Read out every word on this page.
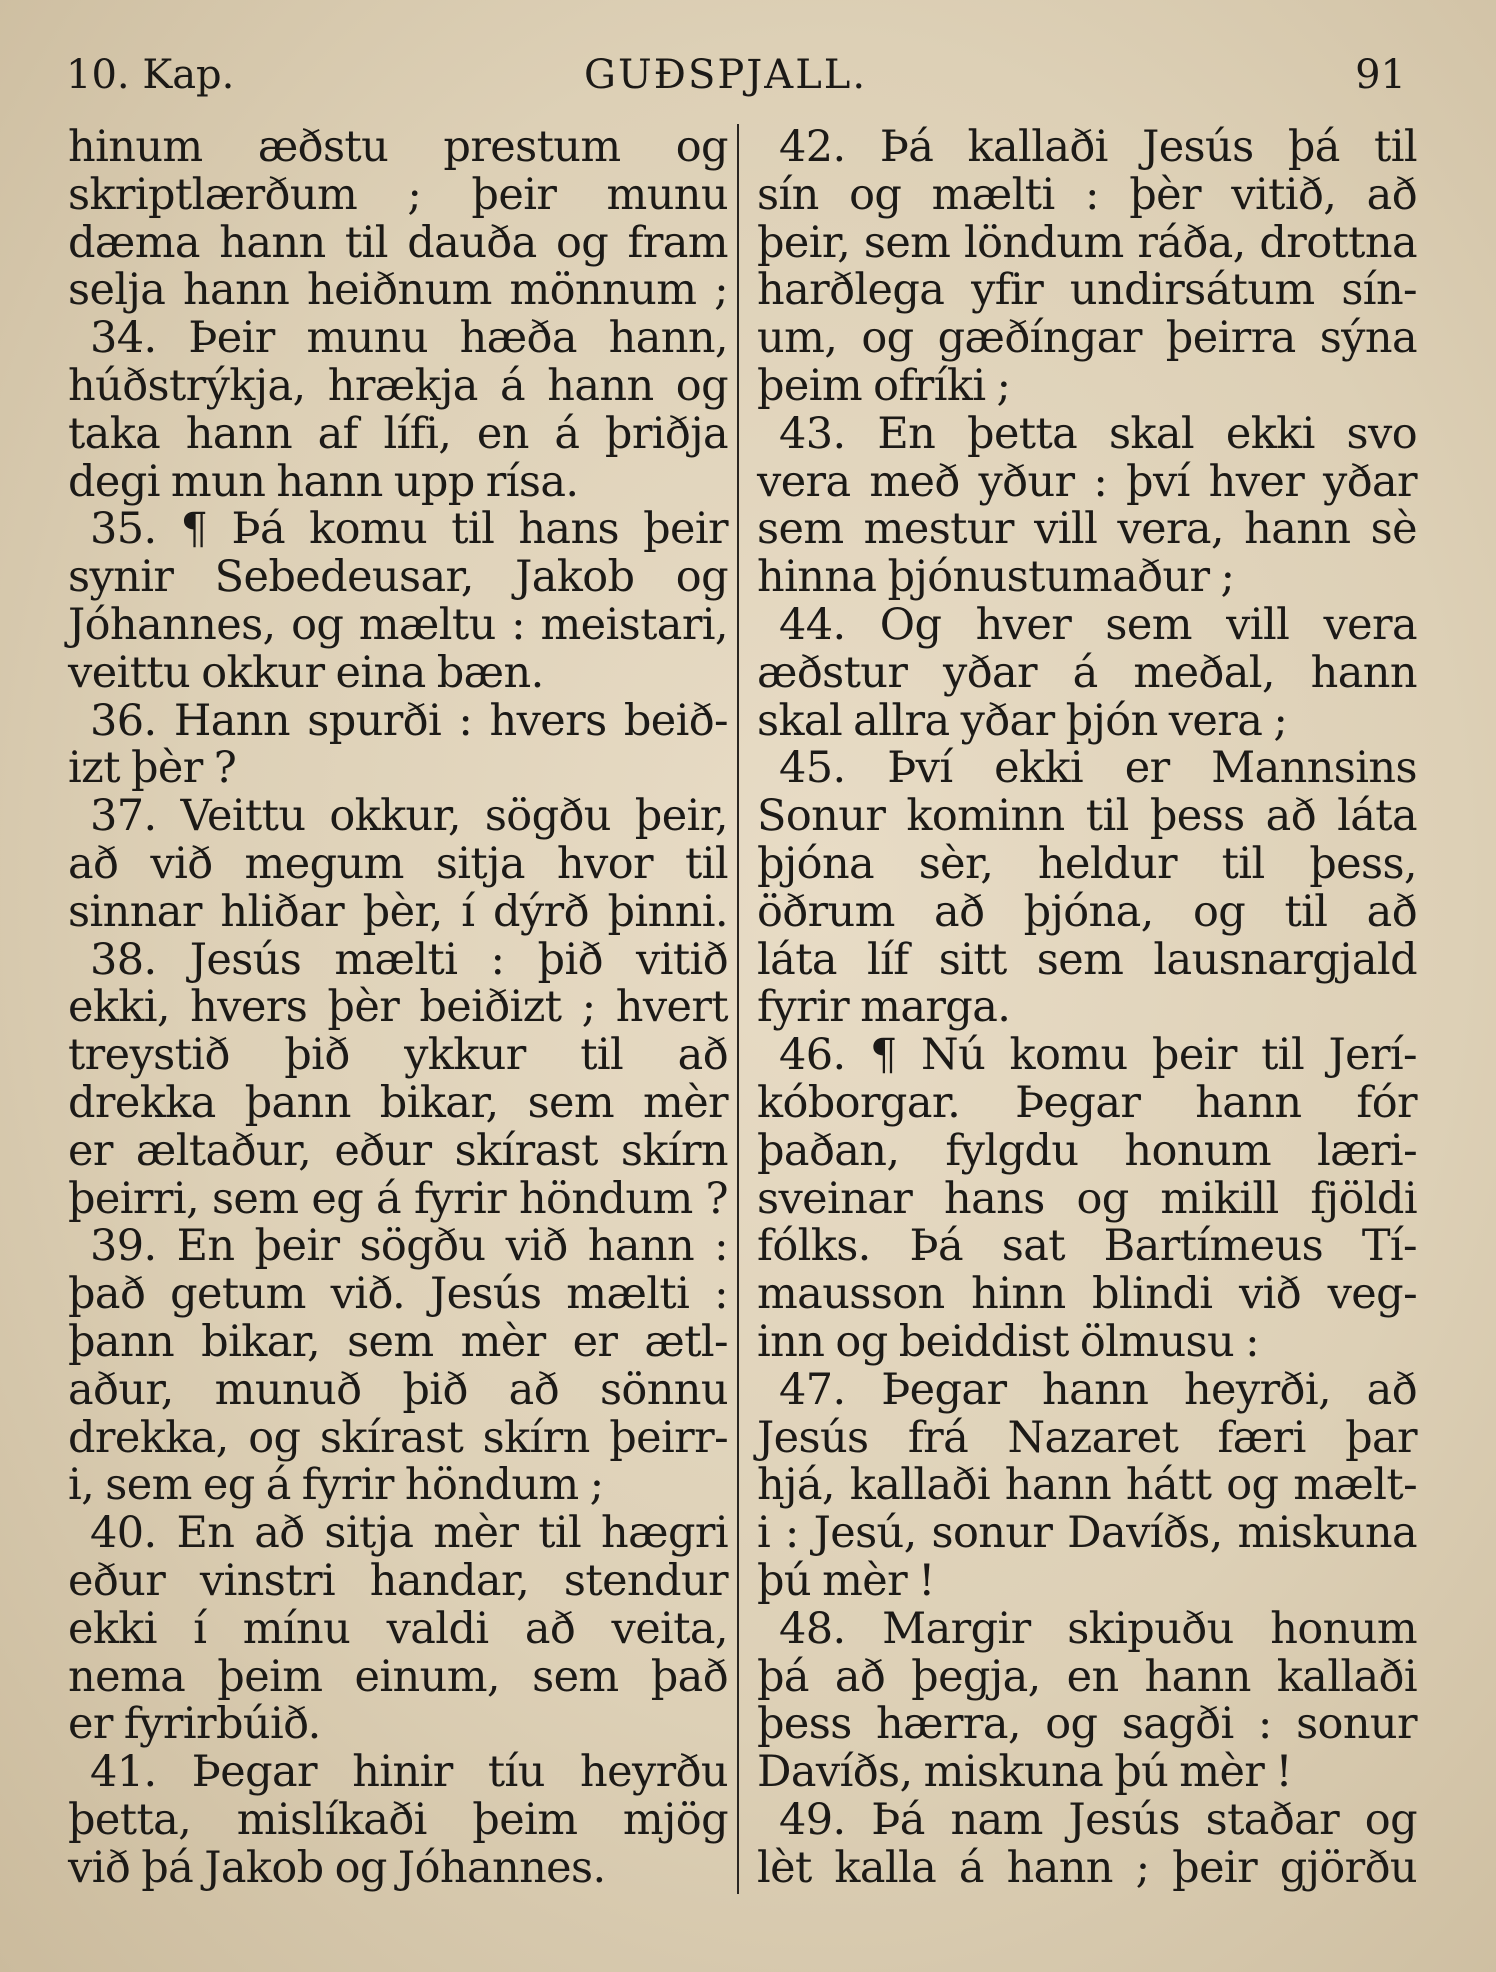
10. Kap.	GUÐSPJALL.	91
hinum æðstu prestum og
skriptlærðum ; þeir munu
dæma hann til dauða og fram
selja hann heiðnum mönnum ;
34. Þeir munu hæða hann,
húðstrýkja, hrækja á hann og
taka hann af lífi, en á þriðja
degi mun hann upp rísa.
35. ¶ Þá komu til hans þeir
synir Sebedeusar, Jakob og
Jóhannes, og mæltu : meistari,
veittu okkur eina bæn.
36. Hann spurði : hvers beið-
izt þèr ?
37. Veittu okkur, sögðu þeir,
að við megum sitja hvor til
sinnar hliðar þèr, í dýrð þinni.
38. Jesús mælti : þið vitið
ekki, hvers þèr beiðizt ; hvert
treystið þið ykkur til að
drekka þann bikar, sem mèr
er æltaður, eður skírast skírn
þeirri, sem eg á fyrir höndum ?
39. En þeir sögðu við hann :
það getum við. Jesús mælti :
þann bikar, sem mèr er ætl-
aður, munuð þið að sönnu
drekka, og skírast skírn þeirr-
i, sem eg á fyrir höndum ;
40. En að sitja mèr til hægri
eður vinstri handar, stendur
ekki í mínu valdi að veita,
nema þeim einum, sem það
er fyrirbúið.
41. Þegar hinir tíu heyrðu
þetta, mislíkaði þeim mjög
við þá Jakob og Jóhannes.
42. Þá kallaði Jesús þá til
sín og mælti : þèr vitið, að
þeir, sem löndum ráða, drottna
harðlega yfir undirsátum sín-
um, og gæðíngar þeirra sýna
þeim ofríki ;
43. En þetta skal ekki svo
vera með yður : því hver yðar
sem mestur vill vera, hann sè
hinna þjónustumaður ;
44. Og hver sem vill vera
æðstur yðar á meðal, hann
skal allra yðar þjón vera ;
45. Því ekki er Mannsins
Sonur kominn til þess að láta
þjóna sèr, heldur til þess,
öðrum að þjóna, og til að
láta líf sitt sem lausnargjald
fyrir marga.
46. ¶ Nú komu þeir til Jerí-
kóborgar. Þegar hann fór
þaðan, fylgdu honum læri-
sveinar hans og mikill fjöldi
fólks. Þá sat Bartímeus Tí-
mausson hinn blindi við veg-
inn og beiddist ölmusu :
47. Þegar hann heyrði, að
Jesús frá Nazaret færi þar
hjá, kallaði hann hátt og mælt-
i : Jesú, sonur Davíðs, miskuna
þú mèr !
48. Margir skipuðu honum
þá að þegja, en hann kallaði
þess hærra, og sagði : sonur
Davíðs, miskuna þú mèr !
49. Þá nam Jesús staðar og
lèt kalla á hann ; þeir gjörðu
